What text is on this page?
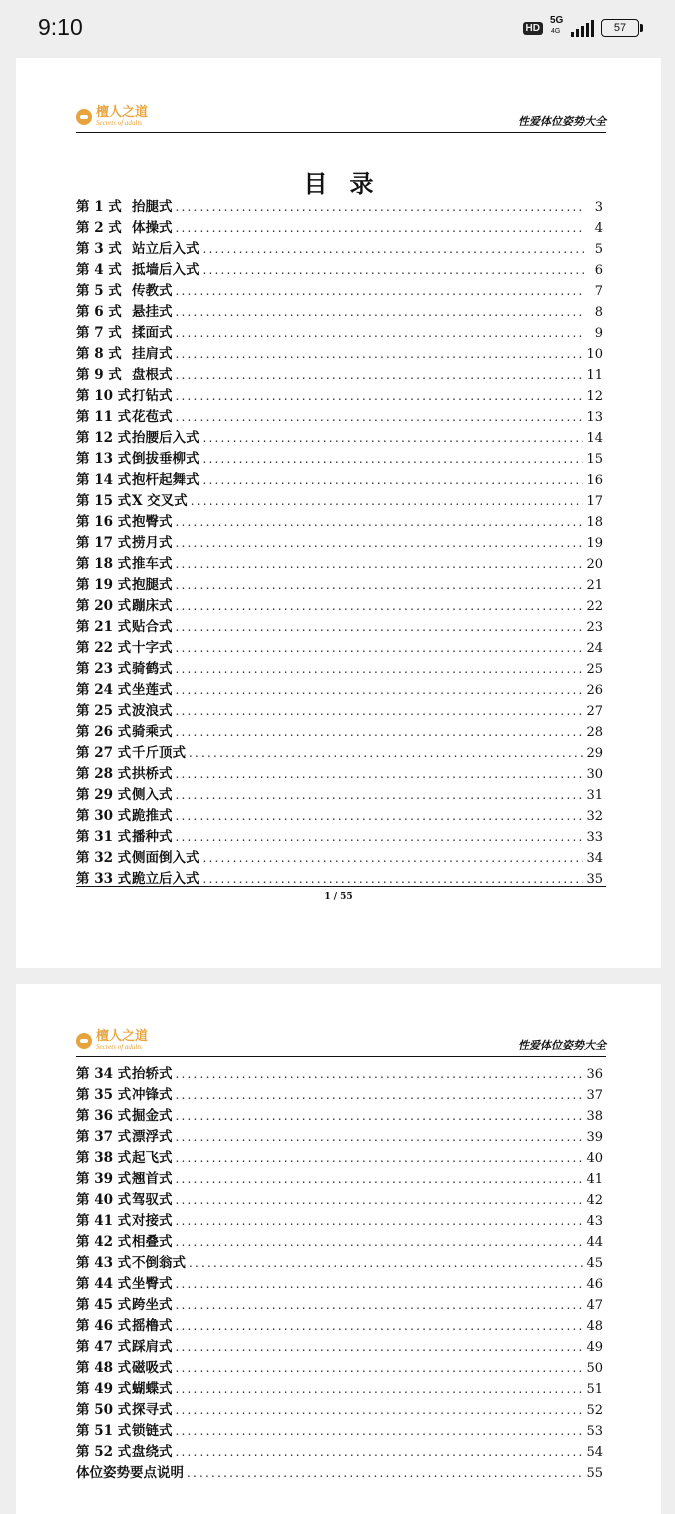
9:10	HD
5G
4G	57
檀人之道
Secrets of adults	性爱体位姿势大全
目录
第 1 式 抬腿式 .....	3
第 2 式 体操式 .....	4
第 3 式 站立后入式 .....	5
第 4 式 抵墙后入式 .....	6
第 5 式 传教式 .....	7
第 6 式 悬挂式 .....	8
第 7 式 揉面式 .....	9
第 8 式 挂肩式 .....	10
第 9 式 盘根式 .....	11
第 10 式 打钻式 .....	12
第 11 式 花苞式 .....	13
第 12 式 抬腰后入式 .....	14
第 13 式 倒拔垂柳式 .....	15
第 14 式 抱杆起舞式 .....	16
第 15 式 X 交叉式 .....	17
第 16 式 抱臀式 .....	18
第 17 式 捞月式 .....	19
第 18 式 推车式 .....	20
第 19 式 抱腿式 .....	21
第 20 式 蹦床式 .....	22
第 21 式 贴合式 .....	23
第 22 式 十字式 .....	24
第 23 式 骑鹤式 .....	25
第 24 式 坐莲式 .....	26
第 25 式 波浪式 .....	27
第 26 式 骑乘式 .....	28
第 27 式 千斤顶式 .....	29
第 28 式 拱桥式 .....	30
第 29 式 侧入式 .....	31
第 30 式 跪推式 .....	32
第 31 式 播种式 .....	33
第 32 式 侧面倒入式 .....	34
第 33 式 跪立后入式 .....	35
1 / 55
檀人之道
Secrets of adults	性爱体位姿势大全
第 34 式 抬轿式 .....	36
第 35 式 冲锋式 .....	37
第 36 式 掘金式 .....	38
第 37 式 漂浮式 .....	39
第 38 式 起飞式 .....	40
第 39 式 翘首式 .....	41
第 40 式 驾驭式 .....	42
第 41 式 对接式 .....	43
第 42 式 相叠式 .....	44
第 43 式 不倒翁式 .....	45
第 44 式 坐臀式 .....	46
第 45 式 跨坐式 .....	47
第 46 式 摇橹式 .....	48
第 47 式 踩肩式 .....	49
第 48 式 磁吸式 .....	50
第 49 式 蝴蝶式 .....	51
第 50 式 探寻式 .....	52
第 51 式 锁链式 .....	53
第 52 式 盘绕式 .....	54
体位姿势要点说明 .....	55
